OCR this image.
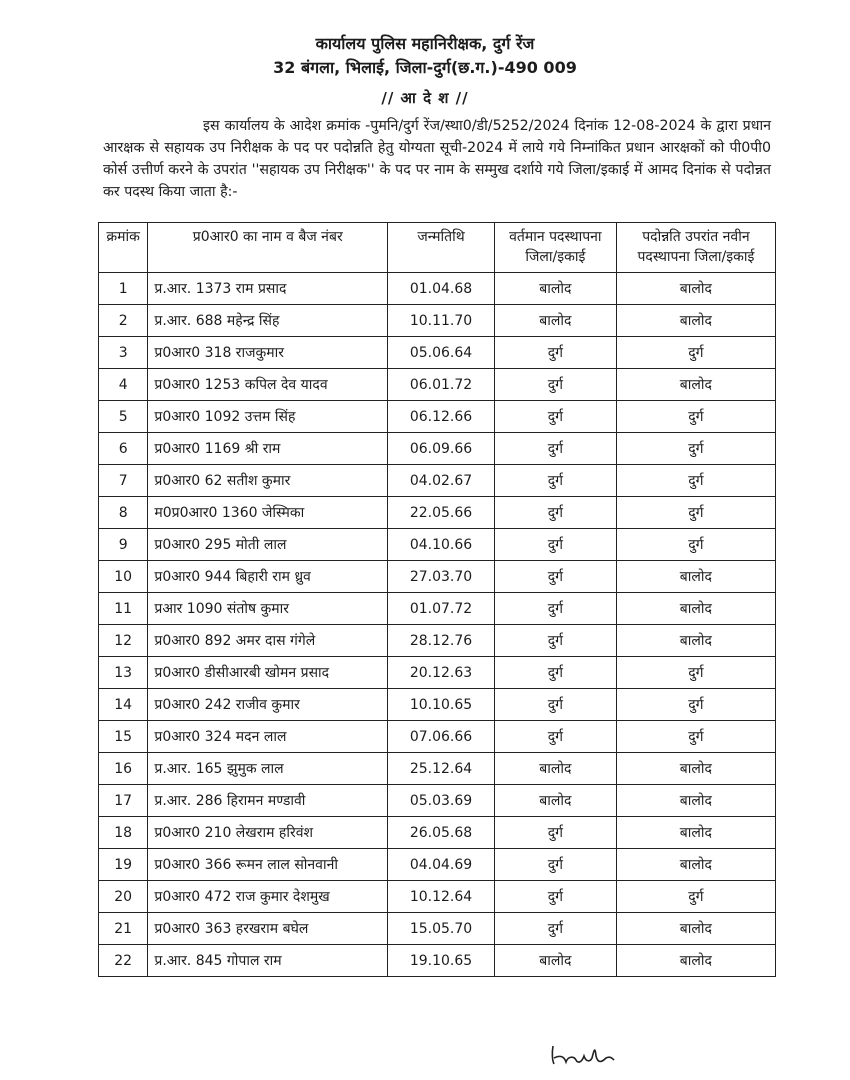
कार्यालय पुलिस महानिरीक्षक, दुर्ग रेंज
32 बंगला, भिलाई, जिला-दुर्ग(छ.ग.)-490 009
// आ दे श //
इस कार्यालय के आदेश क्रमांक -पुमनि/दुर्ग रेंज/स्था0/डी/5252/2024 दिनांक 12-08-2024 के द्वारा प्रधान आरक्षक से सहायक उप निरीक्षक के पद पर पदोन्नति हेतु योग्यता सूची-2024 में लाये गये निम्नांकित प्रधान आरक्षकों को पी0पी0 कोर्स उत्तीर्ण करने के उपरांत ''सहायक उप निरीक्षक'' के पद पर नाम के सम्मुख दर्शाये गये जिला/इकाई में आमद दिनांक से पदोन्नत कर पदस्थ किया जाता है:-
क्रमांक	प्र0आर0 का नाम व बैज नंबर	जन्मतिथि	वर्तमान पदस्थापना जिला/इकाई	पदोन्नति उपरांत नवीन पदस्थापना जिला/इकाई
1	प्र.आर. 1373 राम प्रसाद	01.04.68	बालोद	बालोद
2	प्र.आर. 688 महेन्द्र सिंह	10.11.70	बालोद	बालोद
3	प्र0आर0 318 राजकुमार	05.06.64	दुर्ग	दुर्ग
4	प्र0आर0 1253 कपिल देव यादव	06.01.72	दुर्ग	बालोद
5	प्र0आर0 1092 उत्तम सिंह	06.12.66	दुर्ग	दुर्ग
6	प्र0आर0 1169 श्री राम	06.09.66	दुर्ग	दुर्ग
7	प्र0आर0 62 सतीश कुमार	04.02.67	दुर्ग	दुर्ग
8	म0प्र0आर0 1360 जेस्मिका	22.05.66	दुर्ग	दुर्ग
9	प्र0आर0 295 मोती लाल	04.10.66	दुर्ग	दुर्ग
10	प्र0आर0 944 बिहारी राम ध्रुव	27.03.70	दुर्ग	बालोद
11	प्रआर 1090 संतोष कुमार	01.07.72	दुर्ग	बालोद
12	प्र0आर0 892 अमर दास गंगेले	28.12.76	दुर्ग	बालोद
13	प्र0आर0 डीसीआरबी खोमन प्रसाद	20.12.63	दुर्ग	दुर्ग
14	प्र0आर0 242 राजीव कुमार	10.10.65	दुर्ग	दुर्ग
15	प्र0आर0 324 मदन लाल	07.06.66	दुर्ग	दुर्ग
16	प्र.आर. 165 झुमुक लाल	25.12.64	बालोद	बालोद
17	प्र.आर. 286 हिरामन मण्डावी	05.03.69	बालोद	बालोद
18	प्र0आर0 210 लेखराम हरिवंश	26.05.68	दुर्ग	बालोद
19	प्र0आर0 366 रूमन लाल सोनवानी	04.04.69	दुर्ग	बालोद
20	प्र0आर0 472 राज कुमार देशमुख	10.12.64	दुर्ग	दुर्ग
21	प्र0आर0 363 हरखराम बघेल	15.05.70	दुर्ग	बालोद
22	प्र.आर. 845 गोपाल राम	19.10.65	बालोद	बालोद
